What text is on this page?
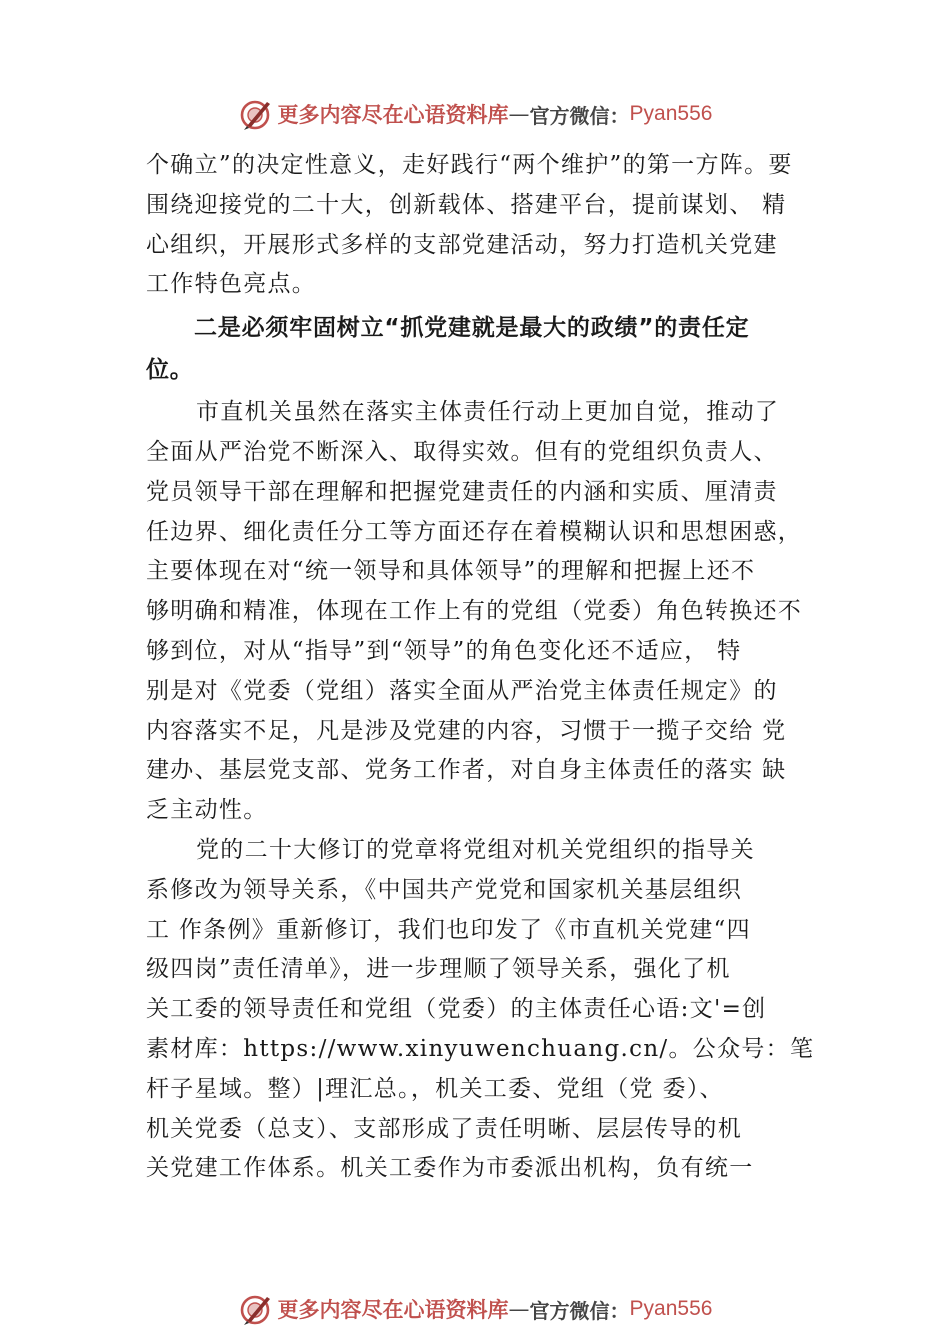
更多内容尽在心语资料库 — 官方微信： Pyan556

个确立”的决定性意义，走好践行“两个维护”的第一方阵。要
围绕迎接党的二十大，创新载体、搭建平台，提前谋划、 精
心组织，开展形式多样的支部党建活动，努力打造机关党建
工作特色亮点。

二是必须牢固树立“抓党建就是最大的政绩”的责任定
位。

市直机关虽然在落实主体责任行动上更加自觉，推动了
全面从严治党不断深入、取得实效。但有的党组织负责人、
党员领导干部在理解和把握党建责任的内涵和实质、厘清责
任边界、细化责任分工等方面还存在着模糊认识和思想困惑，
主要体现在对“统一领导和具体领导”的理解和把握上还不
够明确和精准，体现在工作上有的党组（党委）角色转换还不
够到位，对从“指导”到“领导”的角色变化还不适应， 特
别是对《党委（党组）落实全面从严治党主体责任规定》的
内容落实不足，凡是涉及党建的内容，习惯于一揽子交给 党
建办、基层党支部、党务工作者，对自身主体责任的落实 缺
乏主动性。

党的二十大修订的党章将党组对机关党组织的指导关
系修改为领导关系，《中国共产党党和国家机关基层组织
工 作条例》重新修订，我们也印发了《市直机关党建“四
级四岗”责任清单》，进一步理顺了领导关系，强化了机
关工委的领导责任和党组（党委）的主体责任心语:文'=创
素材库：https://www.xinyuwenchuang.cn/。公众号：笔
杆子星域。整）|理汇总。，机关工委、党组（党 委）、
机关党委（总支）、支部形成了责任明晰、层层传导的机
关党建工作体系。机关工委作为市委派出机构，负有统一

更多内容尽在心语资料库 — 官方微信： Pyan556
